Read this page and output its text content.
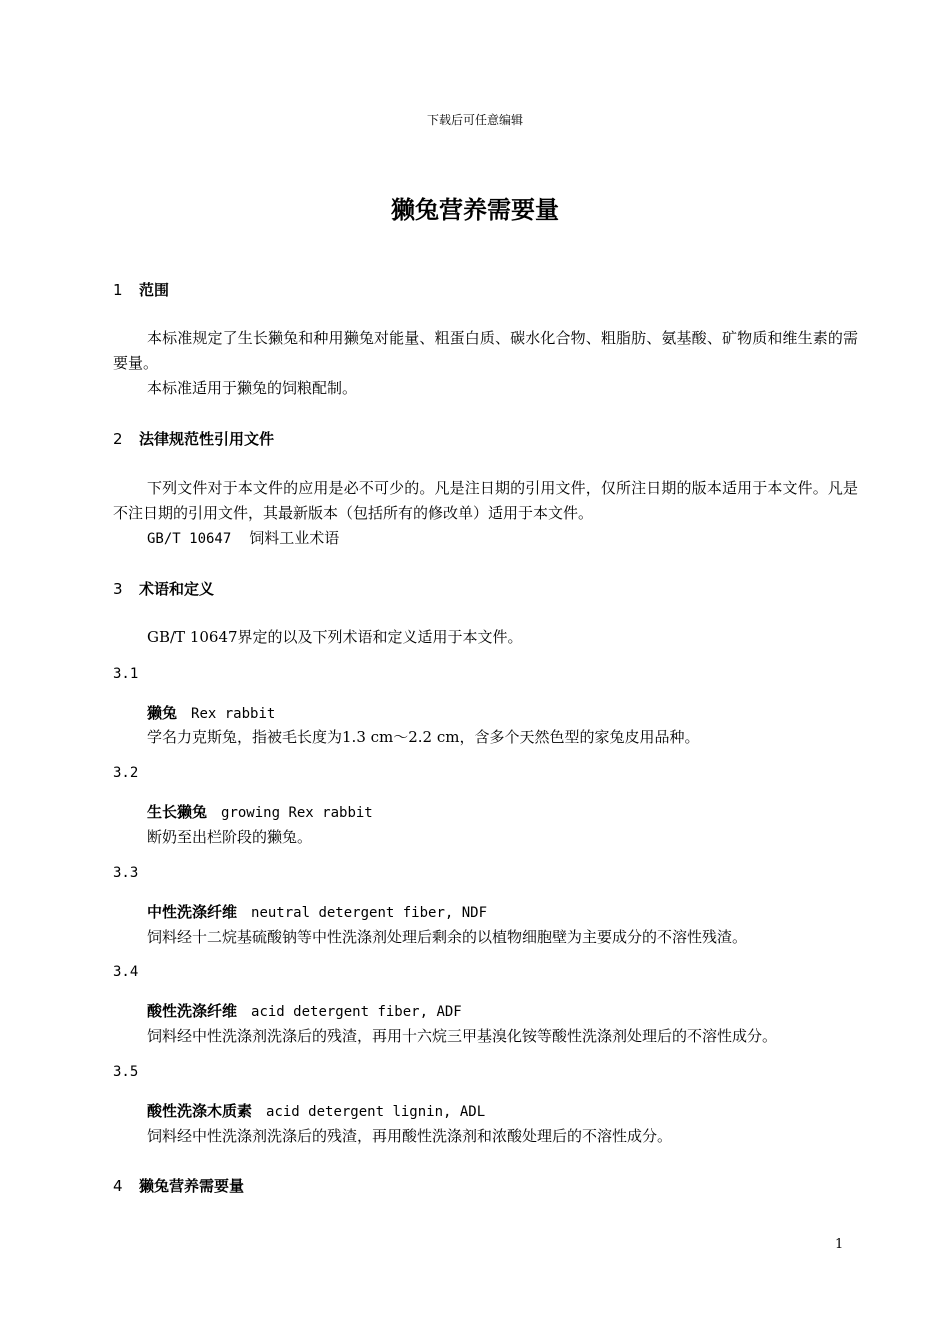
下载后可任意编辑
獭兔营养需要量
1 范围
本标准规定了生长獭兔和种用獭兔对能量、粗蛋白质、碳水化合物、粗脂肪、氨基酸、矿物质和维生素的需要量。
本标准适用于獭兔的饲粮配制。
2 法律规范性引用文件
下列文件对于本文件的应用是必不可少的。凡是注日期的引用文件，仅所注日期的版本适用于本文件。凡是不注日期的引用文件，其最新版本（包括所有的修改单）适用于本文件。
GB/T 10647 饲料工业术语
3 术语和定义
GB/T 10647界定的以及下列术语和定义适用于本文件。
3.1
獭兔 Rex rabbit
学名力克斯兔，指被毛长度为1.3 cm～2.2 cm，含多个天然色型的家兔皮用品种。
3.2
生长獭兔 growing Rex rabbit
断奶至出栏阶段的獭兔。
3.3
中性洗涤纤维 neutral detergent fiber, NDF
饲料经十二烷基硫酸钠等中性洗涤剂处理后剩余的以植物细胞壁为主要成分的不溶性残渣。
3.4
酸性洗涤纤维 acid detergent fiber, ADF
饲料经中性洗涤剂洗涤后的残渣，再用十六烷三甲基溴化铵等酸性洗涤剂处理后的不溶性成分。
3.5
酸性洗涤木质素 acid detergent lignin, ADL
饲料经中性洗涤剂洗涤后的残渣，再用酸性洗涤剂和浓酸处理后的不溶性成分。
4 獭兔营养需要量
1
